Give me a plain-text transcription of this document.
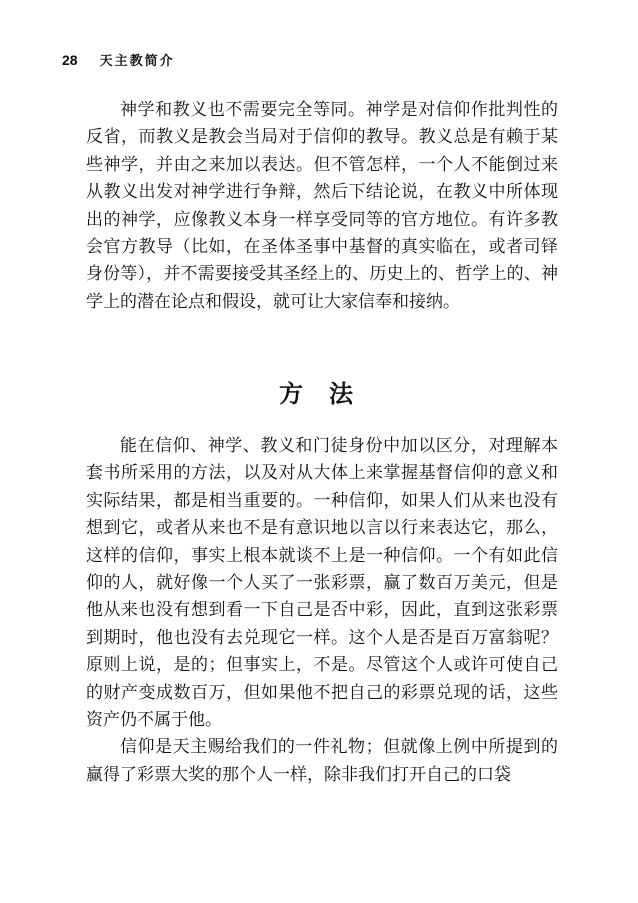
28 天主教简介

神学和教义也不需要完全等同。神学是对信仰作批判性的反省，而教义是教会当局对于信仰的教导。教义总是有赖于某些神学，并由之来加以表达。但不管怎样，一个人不能倒过来从教义出发对神学进行争辩，然后下结论说，在教义中所体现出的神学，应像教义本身一样享受同等的官方地位。有许多教会官方教导（比如，在圣体圣事中基督的真实临在，或者司铎身份等），并不需要接受其圣经上的、历史上的、哲学上的、神学上的潜在论点和假设，就可让大家信奉和接纳。

方法

能在信仰、神学、教义和门徒身份中加以区分，对理解本套书所采用的方法，以及对从大体上来掌握基督信仰的意义和实际结果，都是相当重要的。一种信仰，如果人们从来也没有想到它，或者从来也不是有意识地以言以行来表达它，那么，这样的信仰，事实上根本就谈不上是一种信仰。一个有如此信仰的人，就好像一个人买了一张彩票，赢了数百万美元，但是他从来也没有想到看一下自己是否中彩，因此，直到这张彩票到期时，他也没有去兑现它一样。这个人是否是百万富翁呢？原则上说，是的；但事实上，不是。尽管这个人或许可使自己的财产变成数百万，但如果他不把自己的彩票兑现的话，这些资产仍不属于他。

信仰是天主赐给我们的一件礼物；但就像上例中所提到的赢得了彩票大奖的那个人一样，除非我们打开自己的口袋
